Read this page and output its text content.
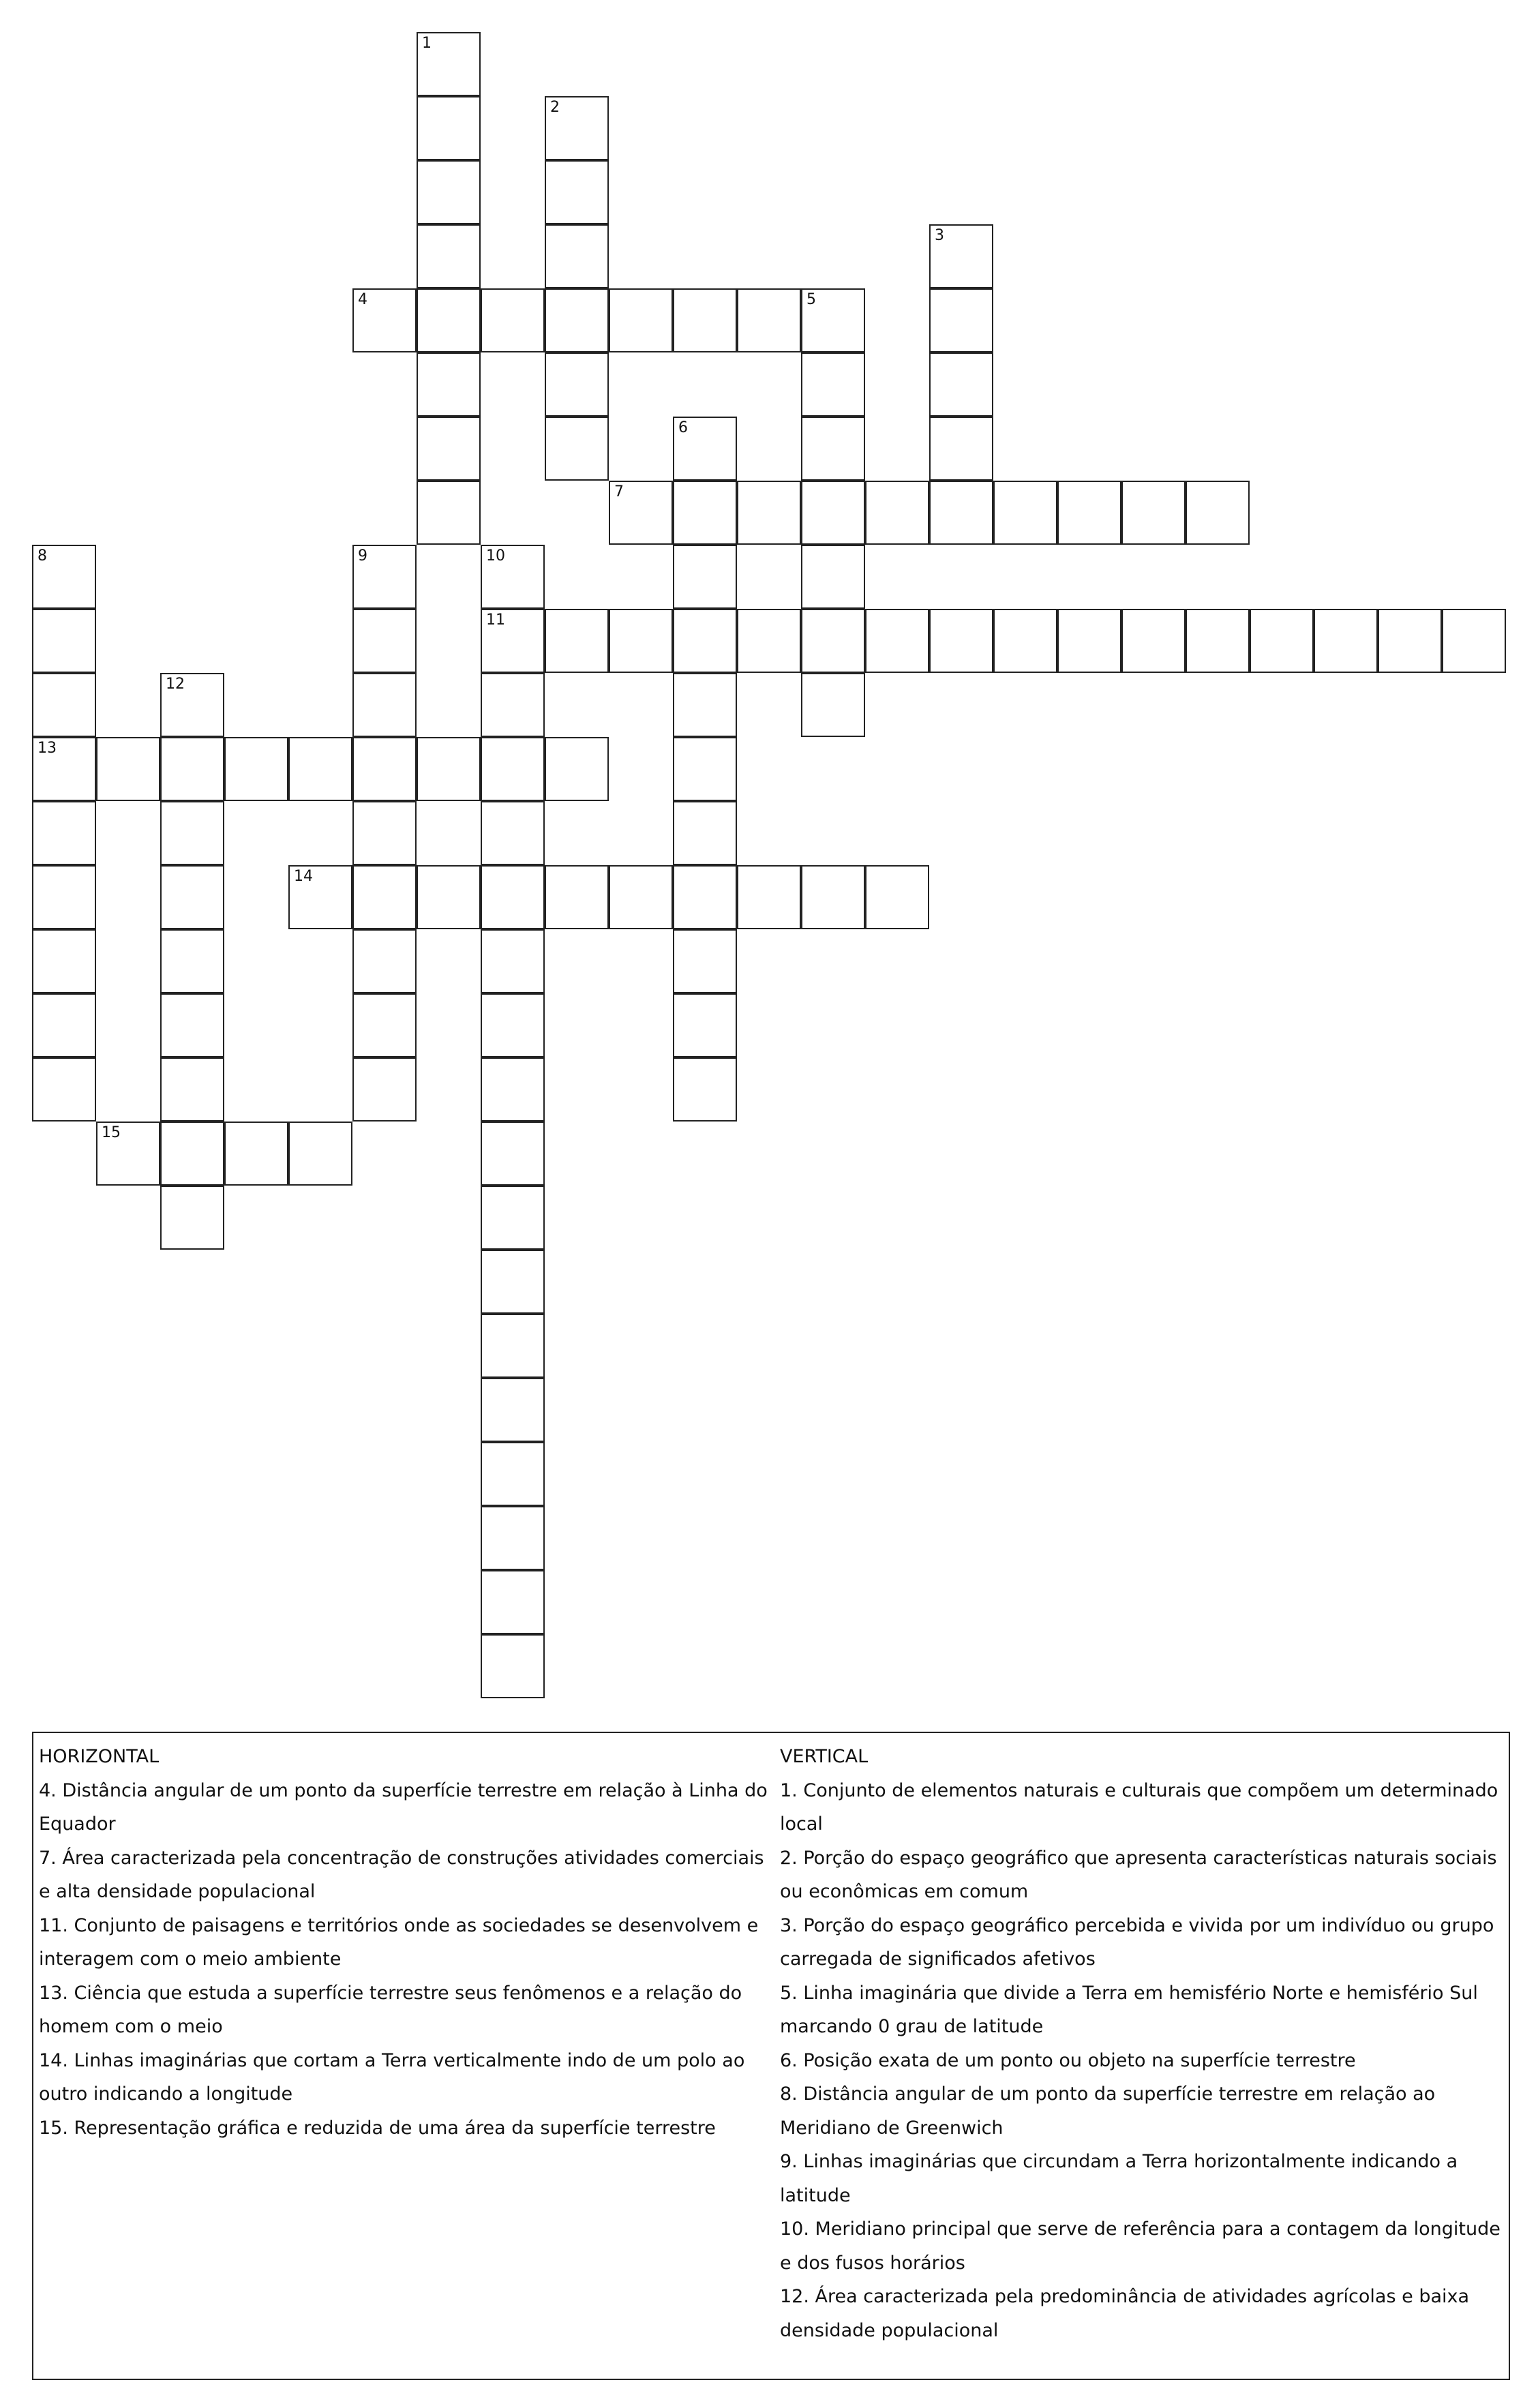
1
2
3
4	5
6
7
8
13
9	10
11
12
14
15
HORIZONTAL
4. Distância angular de um ponto da superfície terrestre em relação à Linha do Equador
7. Área caracterizada pela concentração de construções atividades comerciais e alta densidade populacional
11. Conjunto de paisagens e territórios onde as sociedades se desenvolvem e interagem com o meio ambiente
13. Ciência que estuda a superfície terrestre seus fenômenos e a relação do homem com o meio
14. Linhas imaginárias que cortam a Terra verticalmente indo de um polo ao outro indicando a longitude
15. Representação gráfica e reduzida de uma área da superfície terrestre
VERTICAL
1. Conjunto de elementos naturais e culturais que compõem um determinado local
2. Porção do espaço geográfico que apresenta características naturais sociais ou econômicas em comum
3. Porção do espaço geográfico percebida e vivida por um indivíduo ou grupo carregada de significados afetivos
5. Linha imaginária que divide a Terra em hemisfério Norte e hemisfério Sul marcando 0 grau de latitude
6. Posição exata de um ponto ou objeto na superfície terrestre
8. Distância angular de um ponto da superfície terrestre em relação ao Meridiano de Greenwich
9. Linhas imaginárias que circundam a Terra horizontalmente indicando a latitude
10. Meridiano principal que serve de referência para a contagem da longitude e dos fusos horários
12. Área caracterizada pela predominância de atividades agrícolas e baixa densidade populacional
